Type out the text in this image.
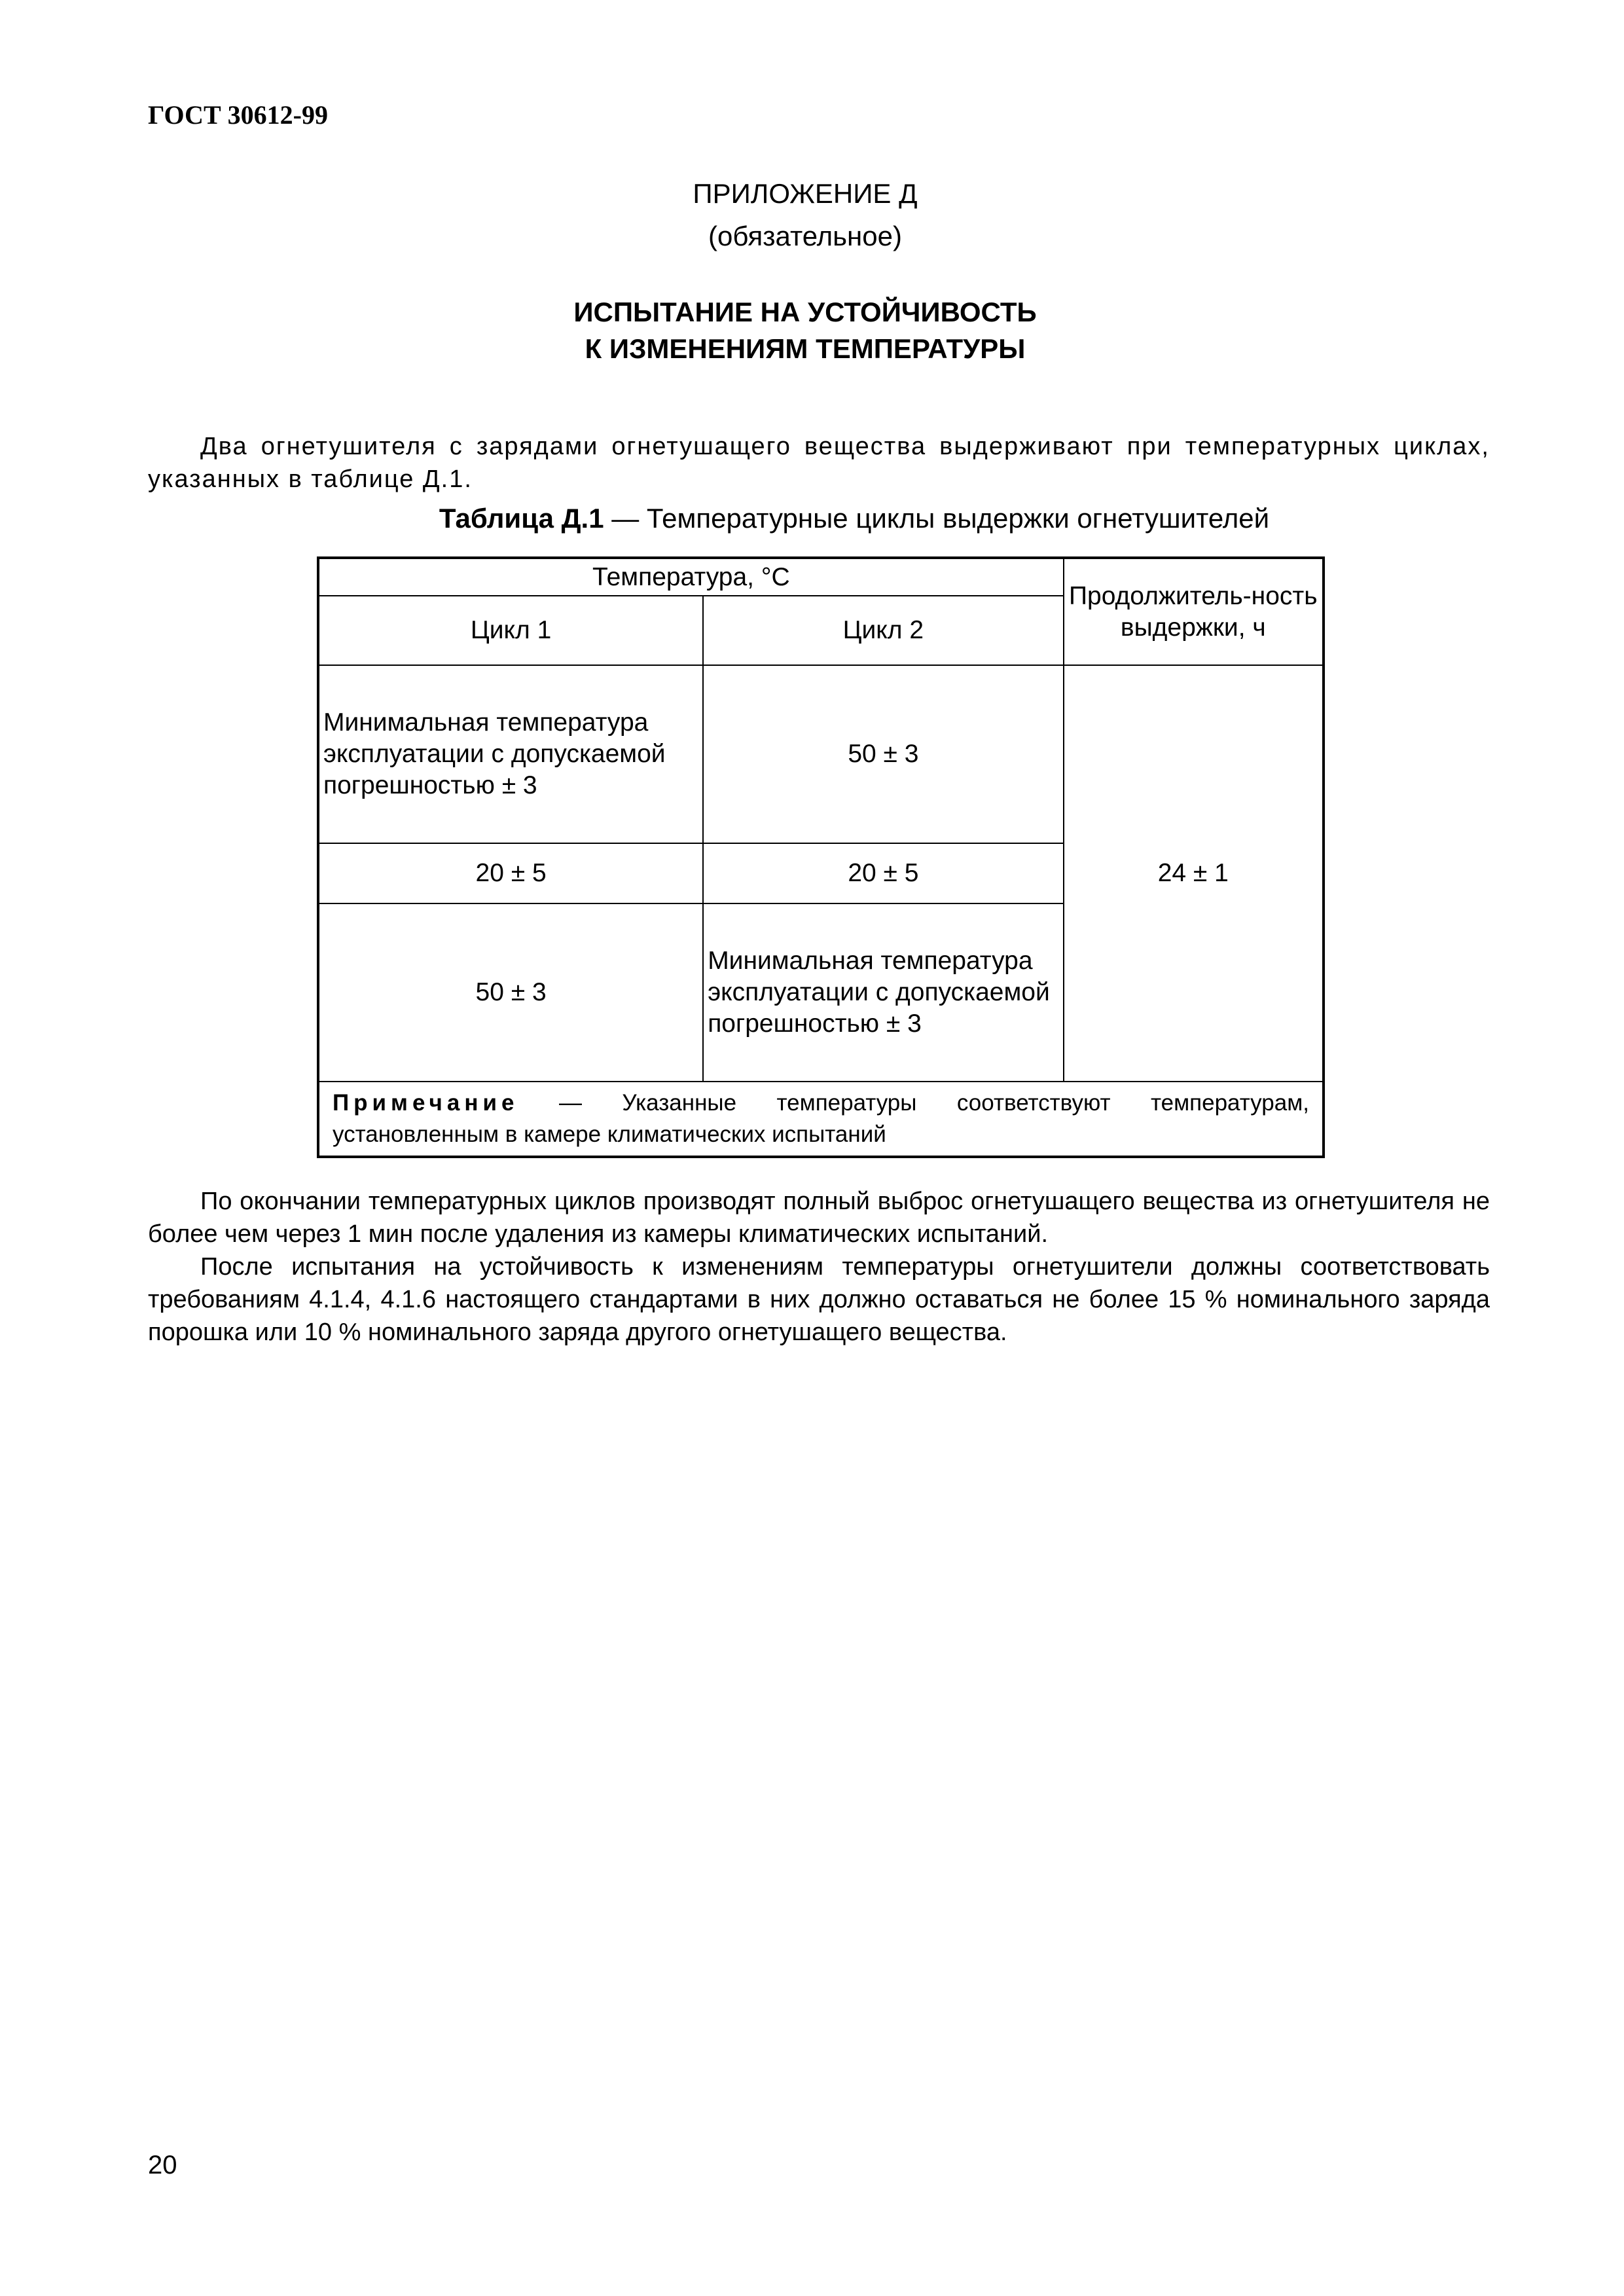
ГОСТ 30612-99
ПРИЛОЖЕНИЕ Д
(обязательное)
ИСПЫТАНИЕ НА УСТОЙЧИВОСТЬ
К ИЗМЕНЕНИЯМ ТЕМПЕРАТУРЫ
Два огнетушителя с зарядами огнетушащего вещества выдерживают при температурных циклах, указанных в таблице Д.1.
Таблица Д.1 — Температурные циклы выдержки огнетушителей
Температура, °С		Продолжитель-ность выдержки, ч
Цикл 1	Цикл 2	
Минимальная температура эксплуатации с допускаемой погрешностью ± 3	50 ± 3	24 ± 1
20 ± 5	20 ± 5	
50 ± 3	Минимальная температура эксплуатации с допускаемой погрешностью ± 3	
Примечание — Указанные температуры соответствуют температурам, установленным в камере климатических испытаний		
По окончании температурных циклов производят полный выброс огнетушащего вещества из огнетушителя не более чем через 1 мин после удаления из камеры климатических испытаний.
После испытания на устойчивость к изменениям температуры огнетушители должны соответствовать требованиям 4.1.4, 4.1.6 настоящего стандартами в них должно оставаться не более 15 % номинального заряда порошка или 10 % номинального заряда другого огнетушащего вещества.
20
